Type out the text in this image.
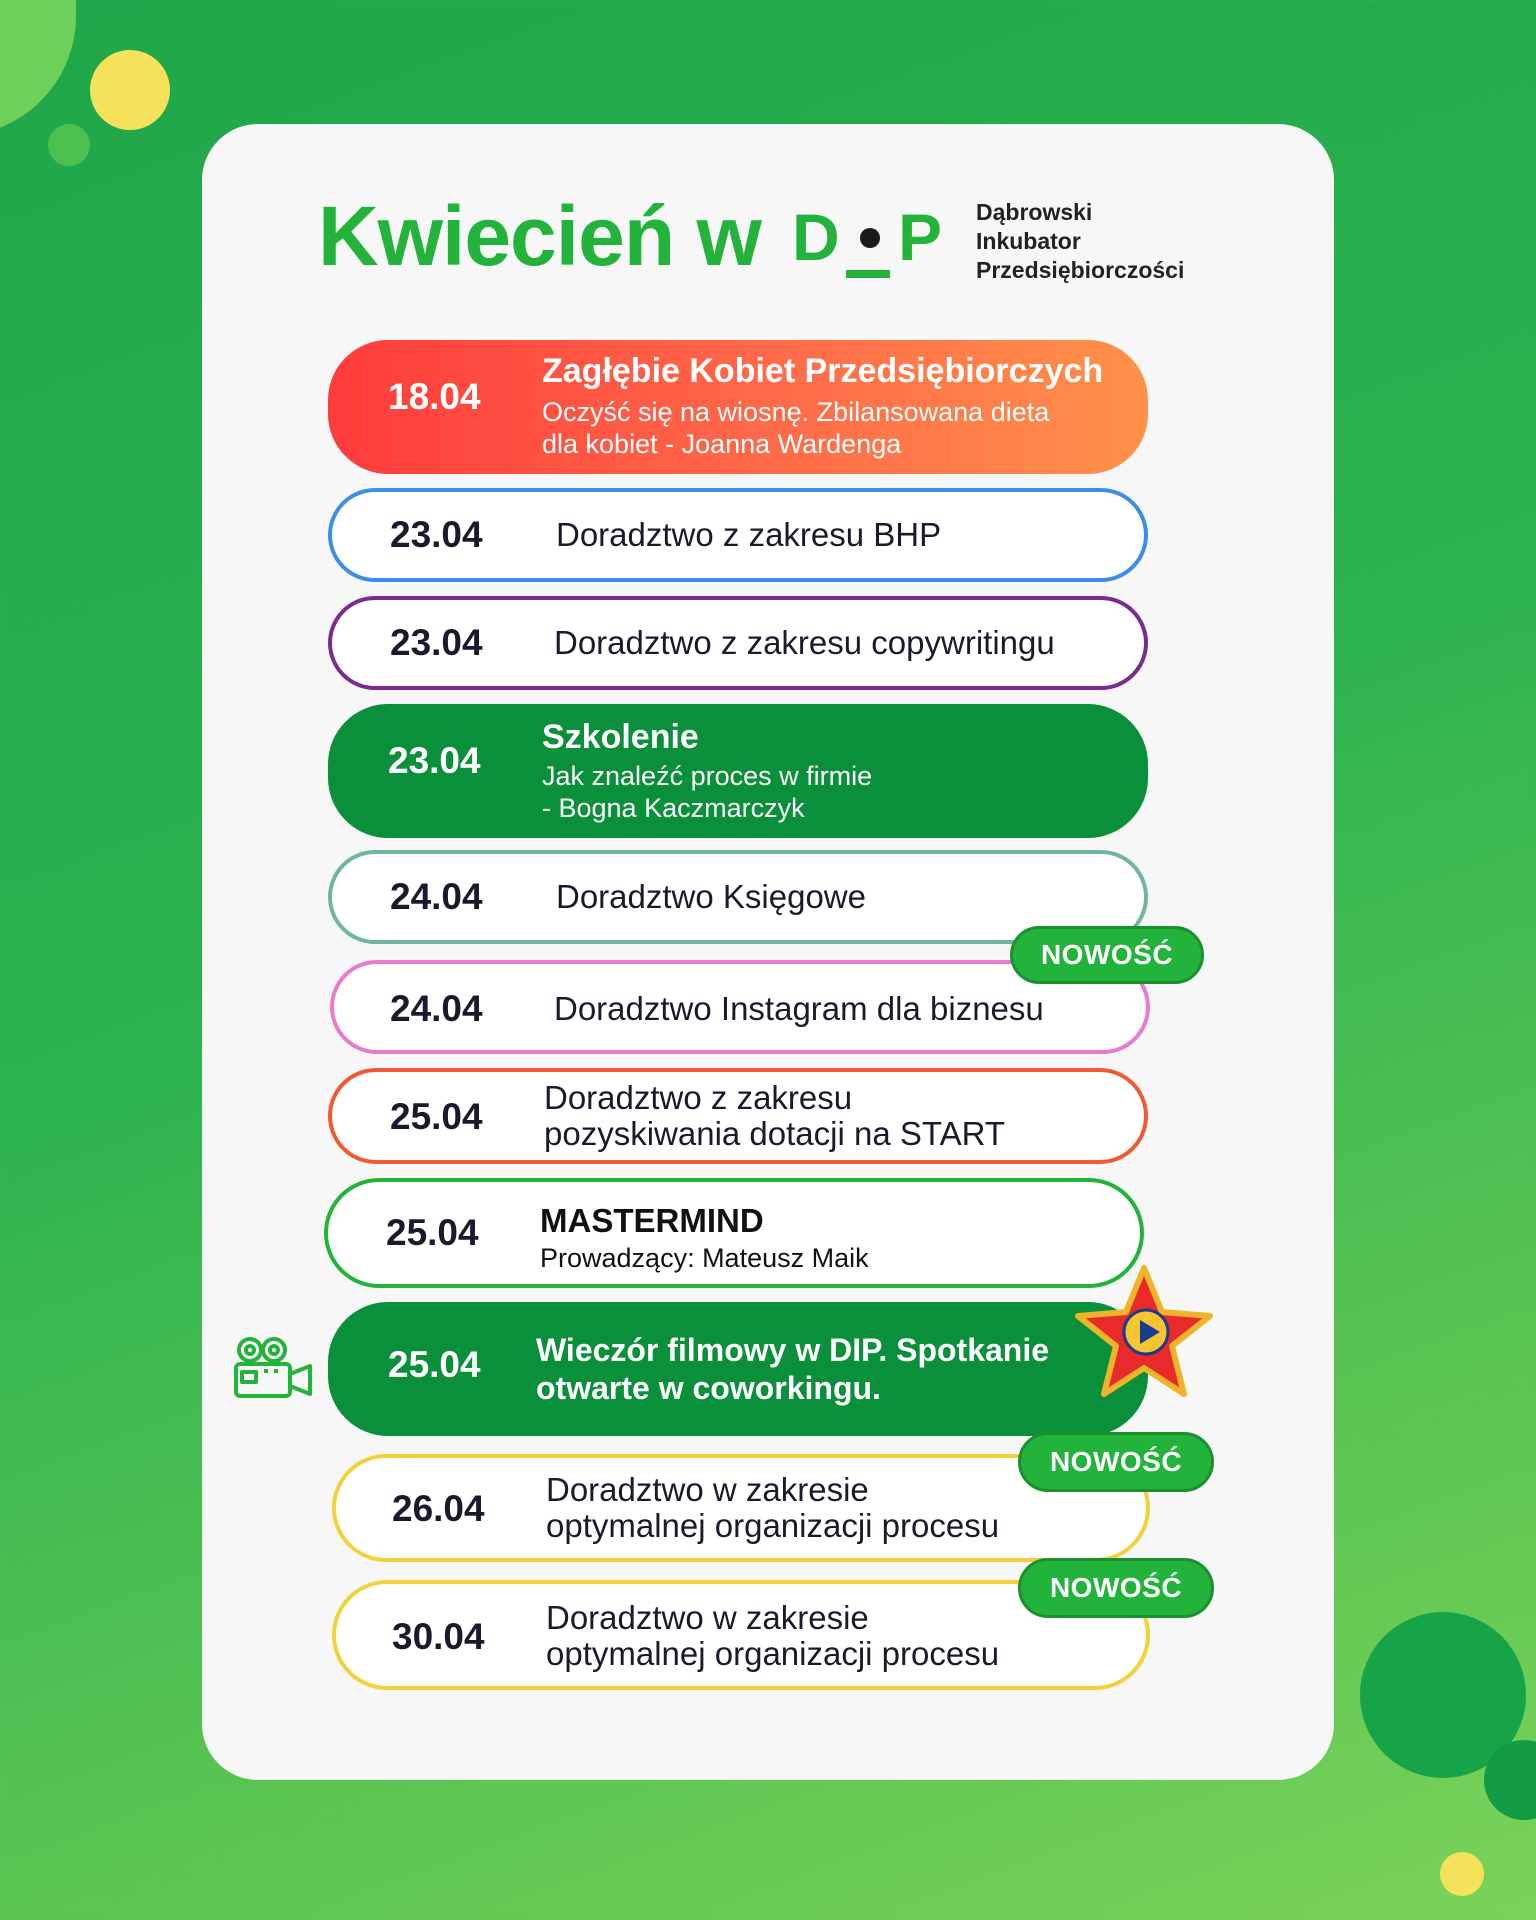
Kwiecień w D P Dąbrowski
Inkubator
Przedsiębiorczości
18.04
Zagłębie Kobiet Przedsiębiorczych
Oczyść się na wiosnę. Zbilansowana dieta
dla kobiet - Joanna Wardenga
23.04 Doradztwo z zakresu BHP
23.04 Doradztwo z zakresu copywritingu
23.04
Szkolenie
Jak znaleźć proces w firmie
- Bogna Kaczmarczyk
24.04 Doradztwo Księgowe
24.04 Doradztwo Instagram dla biznesu
NOWOŚĆ
25.04 Doradztwo z zakresu
pozyskiwania dotacji na START
25.04 MASTERMIND
Prowadzący: Mateusz Maik
25.04 Wieczór filmowy w DIP. Spotkanie
otwarte w coworkingu.
26.04 Doradztwo w zakresie
optymalnej organizacji procesu
NOWOŚĆ
30.04 Doradztwo w zakresie
optymalnej organizacji procesu
NOWOŚĆ
